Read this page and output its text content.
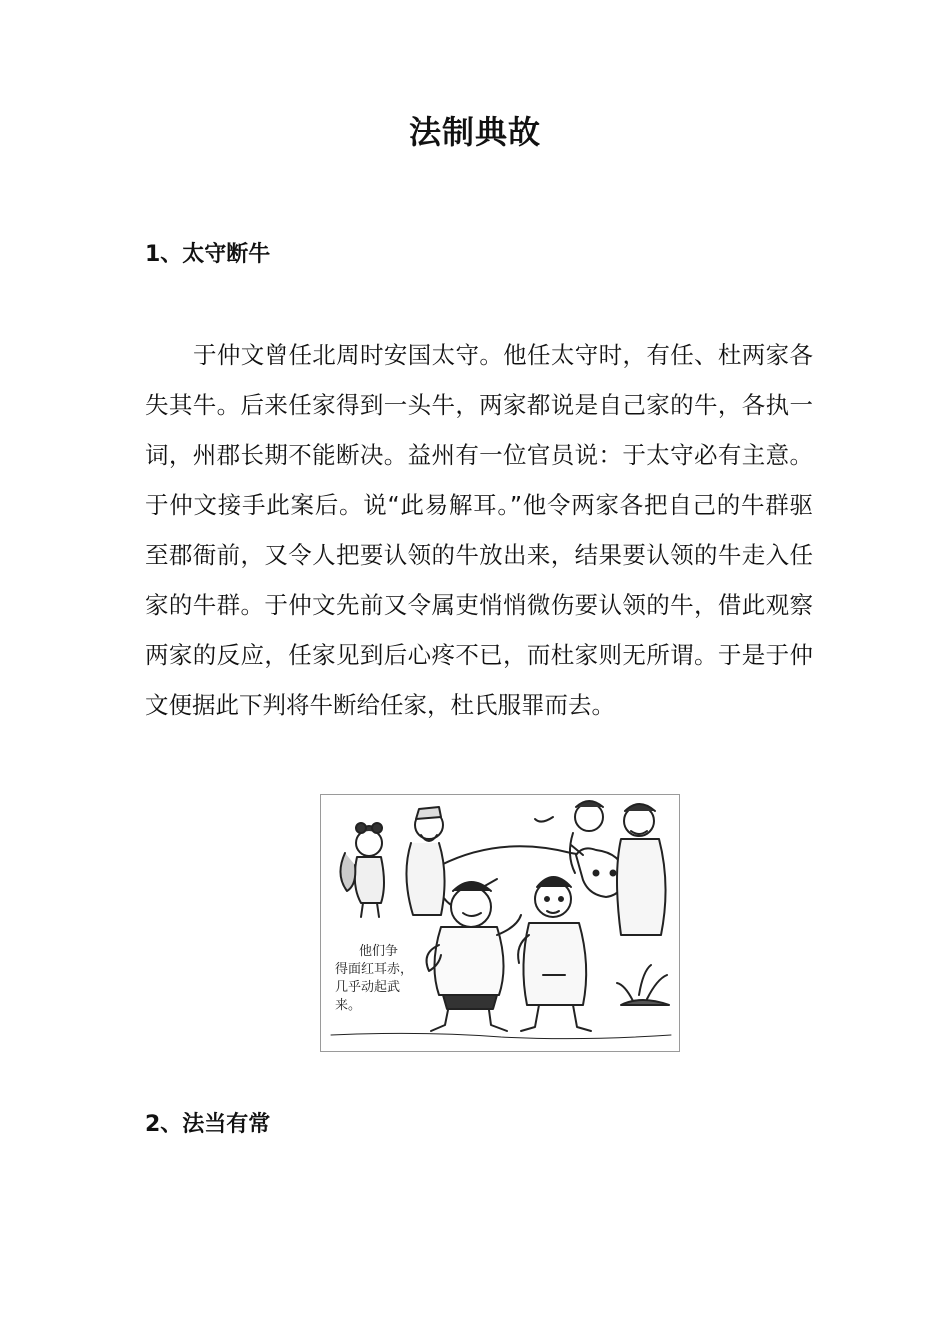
法制典故
1、太守断牛

于仲文曾任北周时安国太守。他任太守时，有任、杜两家各失其牛。后来任家得到一头牛，两家都说是自己家的牛，各执一词，州郡长期不能断决。益州有一位官员说：于太守必有主意。于仲文接手此案后。说“此易解耳。”他令两家各把自己的牛群驱至郡衙前，又令人把要认领的牛放出来，结果要认领的牛走入任家的牛群。于仲文先前又令属吏悄悄微伤要认领的牛，借此观察两家的反应，任家见到后心疼不已，而杜家则无所谓。于是于仲文便据此下判将牛断给任家，杜氏服罪而去。

他们争
得面红耳赤，
几乎动起武
来。
2、法当有常
